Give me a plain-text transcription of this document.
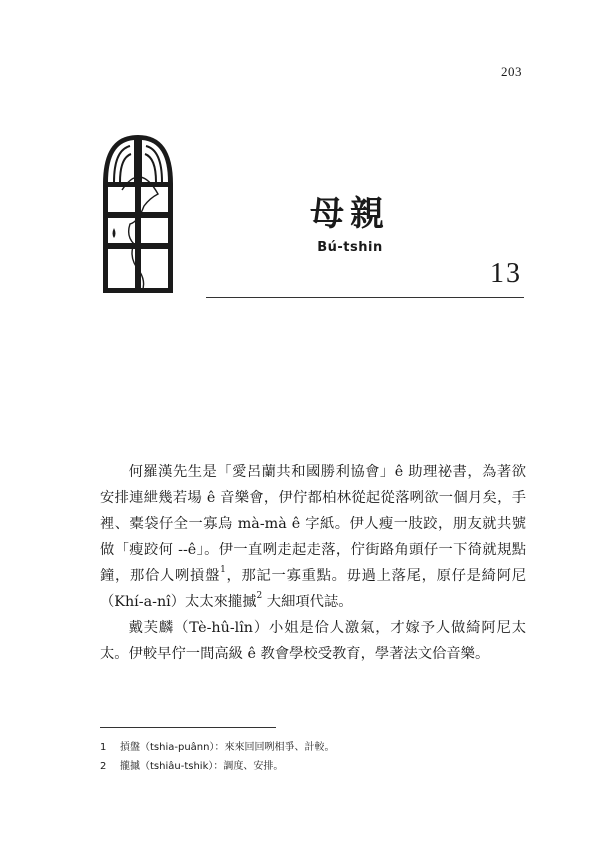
203
母親
Bú-tshin
13

何羅漢先生是「愛呂蘭共和國勝利協會」ê 助理祕書，為著欲安排連紲幾若場 ê 音樂會，伊佇都柏林從起從落咧欲一個月矣，手裡、橐袋仔全一寡烏 mà-mà ê 字紙。伊人瘦一肢跤，朋友就共號做「瘦跤何 --ê」。伊一直咧走起走落，佇街路角頭仔一下徛就規點鐘，那佮人咧摃盤$^1$，那記一寡重點。毋過上落尾，原仔是綺阿尼（Khí-a-nî）太太來攏摵$^2$ 大細項代誌。

戴芙麟（Tè-hû-lîn）小姐是佮人激氣，才嫁予人做綺阿尼太太。伊較早佇一間高級 ê 教會學校受教育，學著法文佮音樂。

1 摃盤（tshia-puânn）：來來回回咧相爭、計較。
2 攏摵（tshiâu-tshik）：調度、安排。
